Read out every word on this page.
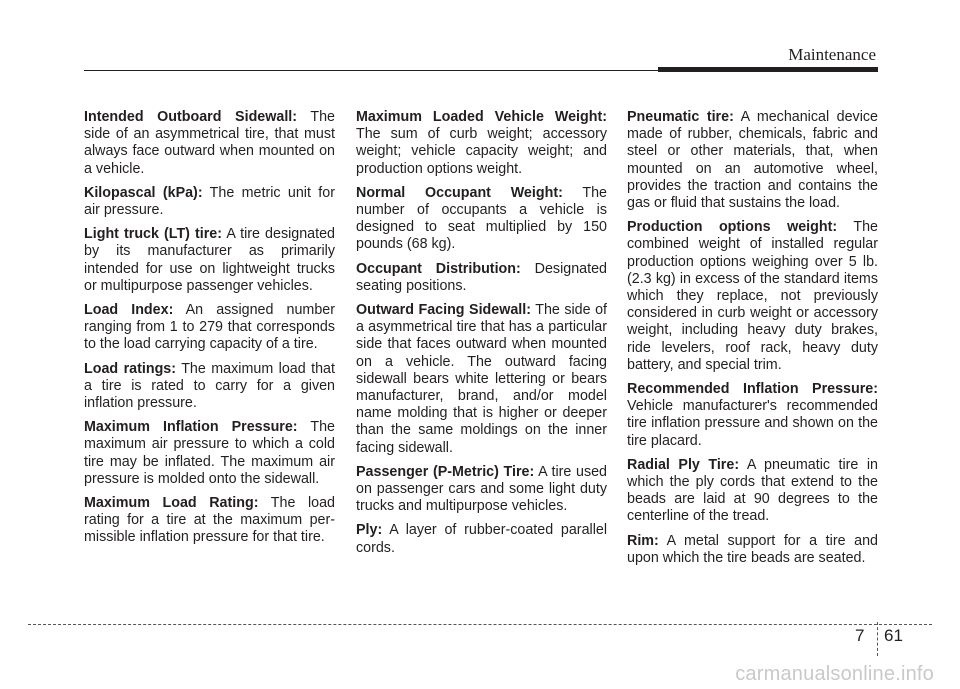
Maintenance

Intended Outboard Sidewall: The side of an asymmetrical tire, that must always face outward when mounted on a vehicle.

Kilopascal (kPa): The metric unit for air pressure.

Light truck (LT) tire: A tire designated by its manufacturer as primarily intended for use on lightweight trucks or multipurpose passenger vehicles.

Load Index: An assigned number ranging from 1 to 279 that corresponds to the load carrying capacity of a tire.

Load ratings: The maximum load that a tire is rated to carry for a given inflation pressure.

Maximum Inflation Pressure: The maximum air pressure to which a cold tire may be inflated. The maximum air pressure is molded onto the sidewall.

Maximum Load Rating: The load rating for a tire at the maximum permissible inflation pressure for that tire.

Maximum Loaded Vehicle Weight: The sum of curb weight; accessory weight; vehicle capacity weight; and production options weight.

Normal Occupant Weight: The number of occupants a vehicle is designed to seat multiplied by 150 pounds (68 kg).

Occupant Distribution: Designated seating positions.

Outward Facing Sidewall: The side of a asymmetrical tire that has a particular side that faces outward when mounted on a vehicle. The outward facing sidewall bears white lettering or bears manufacturer, brand, and/or model name molding that is higher or deeper than the same moldings on the inner facing sidewall.

Passenger (P-Metric) Tire: A tire used on passenger cars and some light duty trucks and multipurpose vehicles.

Ply: A layer of rubber-coated parallel cords.

Pneumatic tire: A mechanical device made of rubber, chemicals, fabric and steel or other materials, that, when mounted on an automotive wheel, provides the traction and contains the gas or fluid that sustains the load.

Production options weight: The combined weight of installed regular production options weighing over 5 lb.(2.3 kg) in excess of the standard items which they replace, not previously considered in curb weight or accessory weight, including heavy duty brakes, ride levelers, roof rack, heavy duty battery, and special trim.

Recommended Inflation Pressure: Vehicle manufacturer's recommended tire inflation pressure and shown on the tire placard.

Radial Ply Tire: A pneumatic tire in which the ply cords that extend to the beads are laid at 90 degrees to the centerline of the tread.

Rim: A metal support for a tire and upon which the tire beads are seated.

7 61
carmanualsonline.info
